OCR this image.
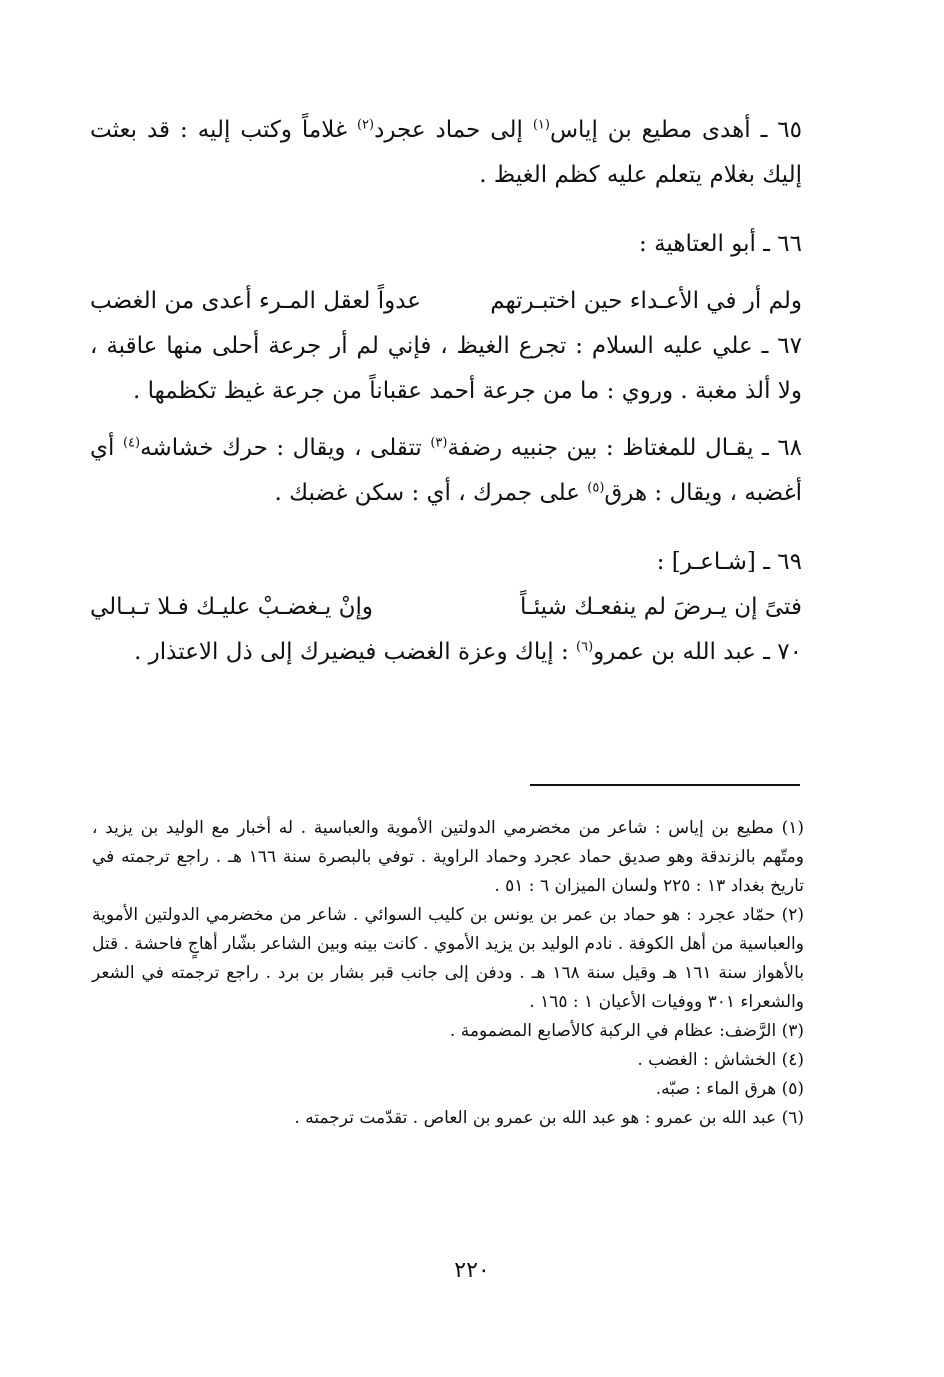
٦٥ ـ أهدى مطيع بن إياس$^{(١)}$ إلى حماد عجرد$^{(٢)}$ غلاماً وكتب إليه : قد بعثت إليك بغلام يتعلم عليه كظم الغيظ .

٦٦ ـ أبو العتاهية :

ولم أر في الأعـداء حين اختبـرتهم
عدواً لعقل المـرء أعدى من الغضب

٦٧ ـ علي عليه السلام : تجرع الغيظ ، فإني لم أر جرعة أحلى منها عاقبة ، ولا ألذ مغبة . وروي : ما من جرعة أحمد عقباناً من جرعة غيظ تكظمها .

٦٨ ـ يقـال للمغتاظ : بين جنبيه رضفة$^{(٣)}$ تتقلى ، ويقال : حرك خشاشه$^{(٤)}$ أي أغضبه ، ويقال : هرق$^{(٥)}$ على جمرك ، أي : سكن غضبك .

٦٩ ـ [شـاعـر] :

فتىً إن يـرضَ لم ينفعـك شيئـاً
وإنْ يـغضـبْ عليـك فـلا تـبـالي

٧٠ ـ عبد الله بن عمرو$^{(٦)}$ : إياك وعزة الغضب فيضيرك إلى ذل الاعتذار .

(١) مطيع بن إياس : شاعر من مخضرمي الدولتين الأموية والعباسية . له أخبار مع الوليد بن يزيد ، ومتّهم بالزندقة وهو صديق حماد عجرد وحماد الراوية . توفي بالبصرة سنة ١٦٦ هـ . راجع ترجمته في تاريخ بغداد ١٣ : ٢٢٥ ولسان الميزان ٦ : ٥١ .

(٢) حمّاد عجرد : هو حماد بن عمر بن يونس بن كليب السوائي . شاعر من مخضرمي الدولتين الأموية والعباسية من أهل الكوفة . نادم الوليد بن يزيد الأموي . كانت بينه وبين الشاعر بشّار أهاجٍ فاحشة . قتل بالأهواز سنة ١٦١ هـ وقيل سنة ١٦٨ هـ . ودفن إلى جانب قبر بشار بن برد . راجع ترجمته في الشعر والشعراء ٣٠١ ووفيات الأعيان ١ : ١٦٥ .

(٣) الرَّضف: عظام في الركبة كالأصابع المضمومة .

(٤) الخشاش : الغضب .

(٥) هرق الماء : صبّه.

(٦) عبد الله بن عمرو : هو عبد الله بن عمرو بن العاص . تقدّمت ترجمته .

٢٢٠
